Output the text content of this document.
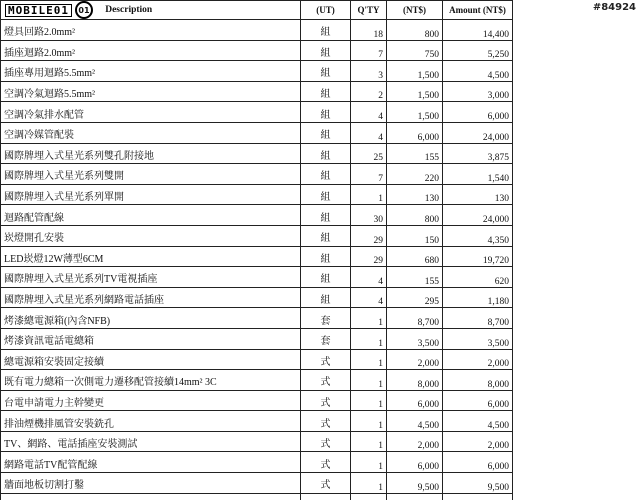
MOBILE01 01 Description	(UT)	Q'TY	(NT$)	Amount (NT$)
燈具回路2.0mm²	組	18	800	14,400
插座迴路2.0mm²	組	7	750	5,250
插座專用迴路5.5mm²	組	3	1,500	4,500
空調冷氣迴路5.5mm²	組	2	1,500	3,000
空調冷氣排水配管	組	4	1,500	6,000
空調冷媒管配裝	組	4	6,000	24,000
國際牌埋入式星光系列雙孔附接地	組	25	155	3,875
國際牌埋入式星光系列雙開	組	7	220	1,540
國際牌埋入式星光系列單開	組	1	130	130
迴路配管配線	組	30	800	24,000
崁燈開孔安裝	組	29	150	4,350
LED崁燈12W薄型6CM	組	29	680	19,720
國際牌埋入式星光系列TV電視插座	組	4	155	620
國際牌埋入式星光系列網路電話插座	組	4	295	1,180
烤漆總電源箱(內含NFB)	套	1	8,700	8,700
烤漆資訊電話電總箱	套	1	3,500	3,500
總電源箱安裝固定接續	式	1	2,000	2,000
既有電力總箱一次側電力遷移配管接續14mm² 3C	式	1	8,000	8,000
台電申請電力主幹變更	式	1	6,000	6,000
排油煙機排風管安裝銑孔	式	1	4,500	4,500
TV、網路、電話插座安裝測試	式	1	2,000	2,000
網路電話TV配管配線	式	1	6,000	6,000
牆面地板切割打鑿	式	1	9,500	9,500

#84924
